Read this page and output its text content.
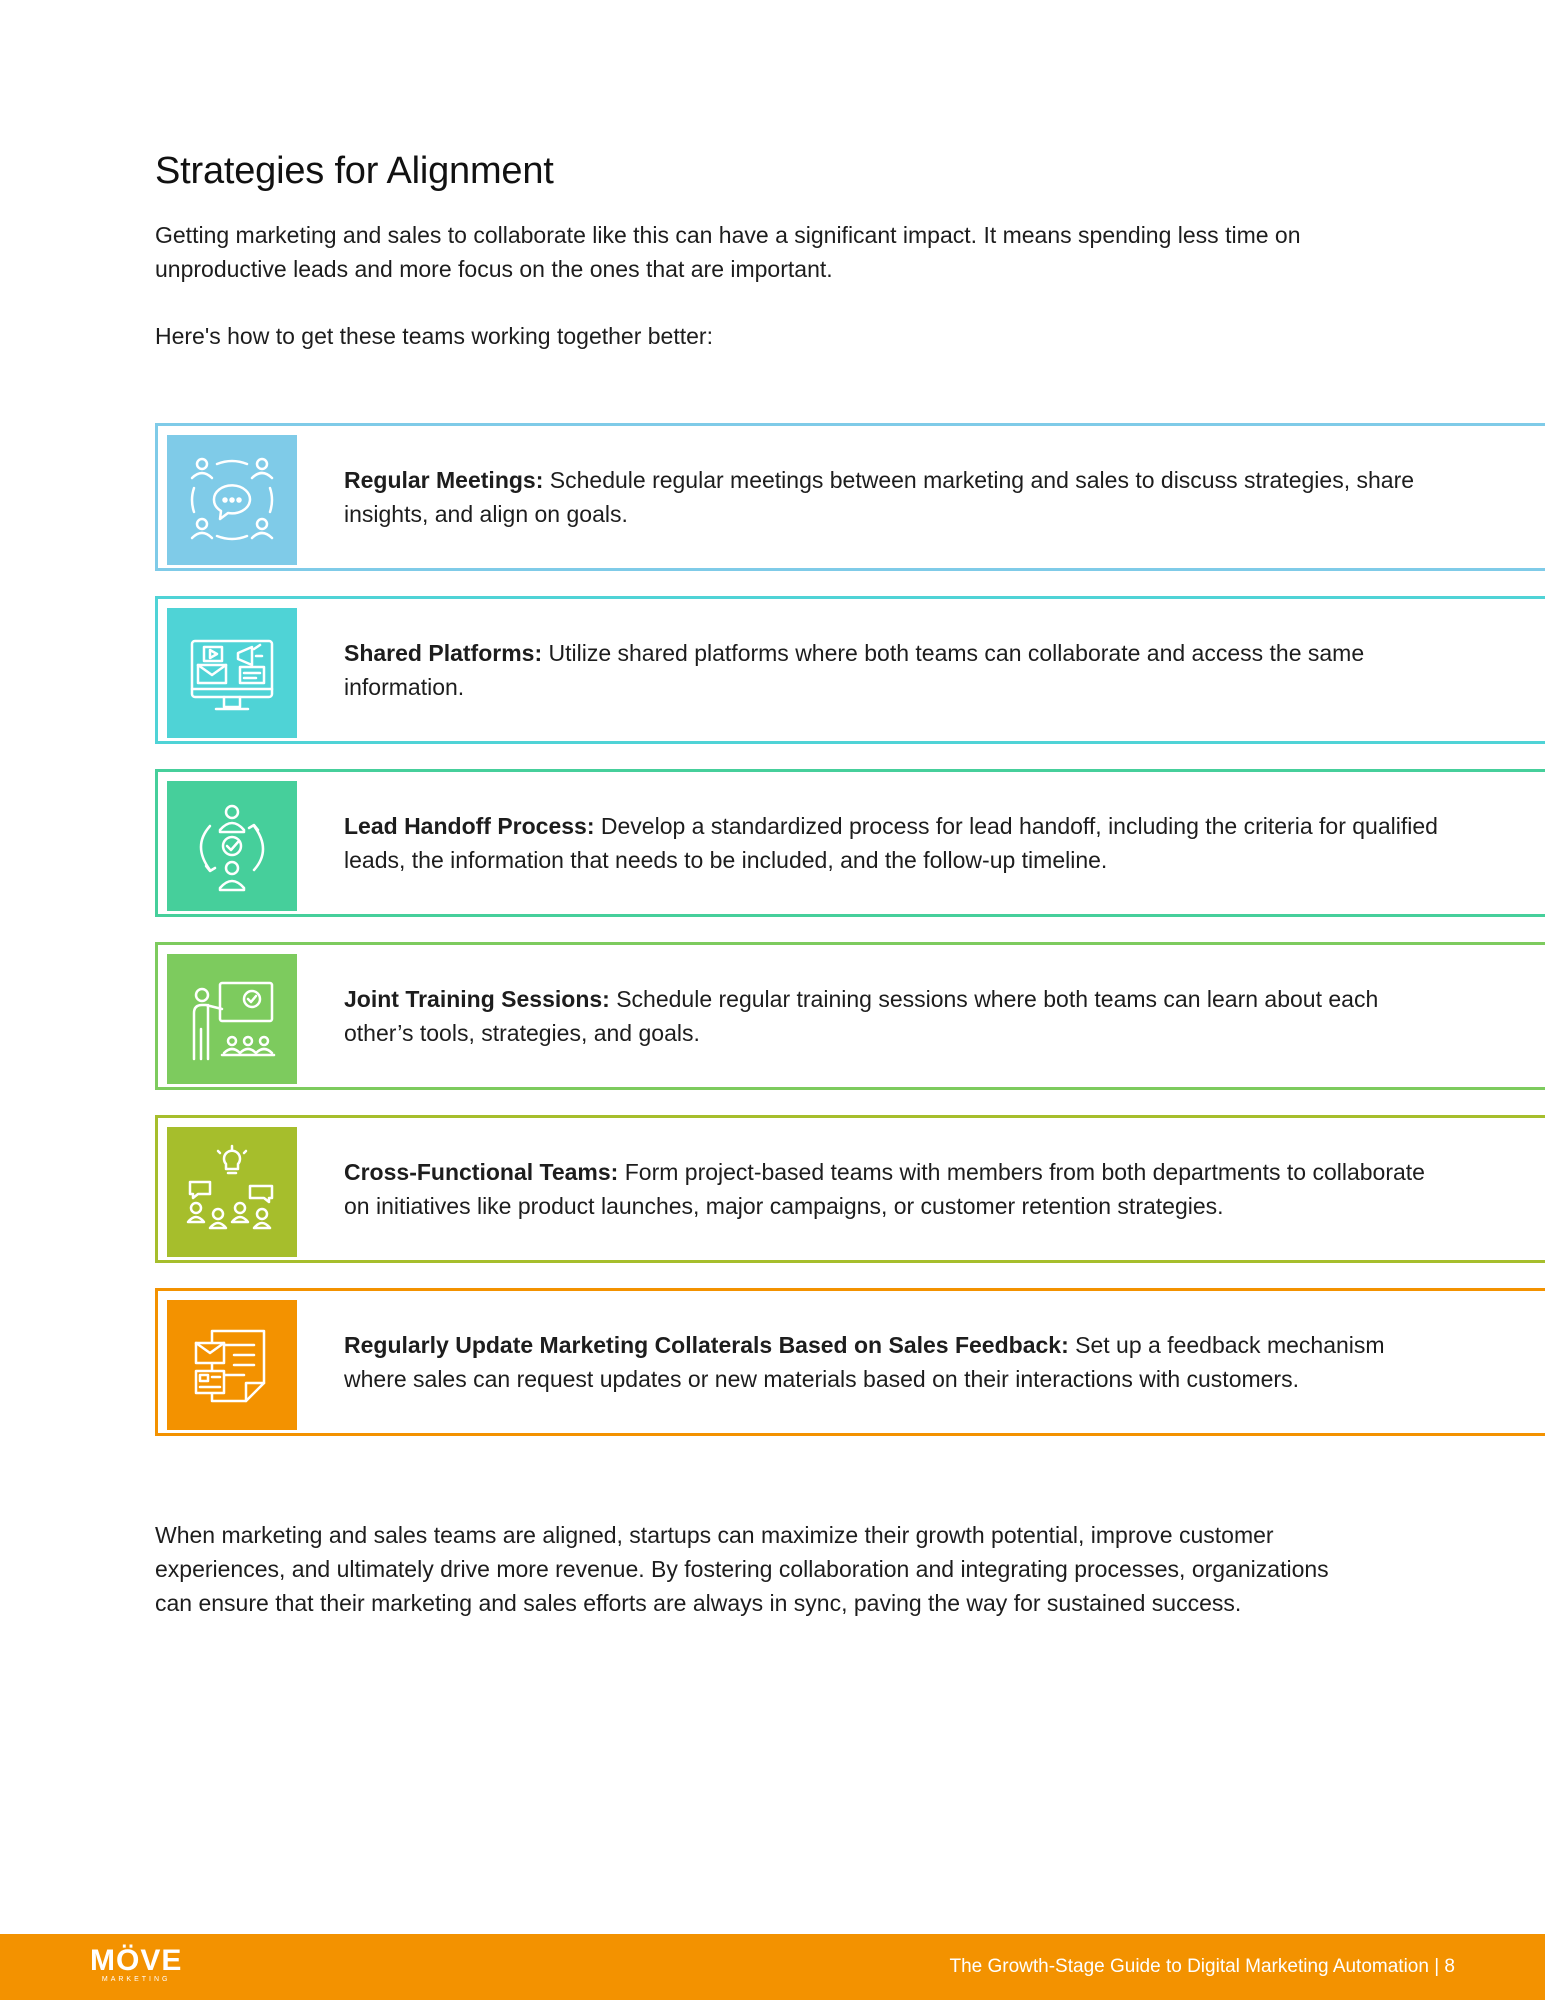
Strategies for Alignment

Getting marketing and sales to collaborate like this can have a significant impact. It means spending less time on unproductive leads and more focus on the ones that are important.

Here's how to get these teams working together better:

Regular Meetings: Schedule regular meetings between marketing and sales to discuss strategies, share insights, and align on goals.

Shared Platforms: Utilize shared platforms where both teams can collaborate and access the same information.

Lead Handoff Process: Develop a standardized process for lead handoff, including the criteria for qualified leads, the information that needs to be included, and the follow-up timeline.

Joint Training Sessions: Schedule regular training sessions where both teams can learn about each other’s tools, strategies, and goals.

Cross-Functional Teams: Form project-based teams with members from both departments to collaborate on initiatives like product launches, major campaigns, or customer retention strategies.

Regularly Update Marketing Collaterals Based on Sales Feedback: Set up a feedback mechanism where sales can request updates or new materials based on their interactions with customers.

When marketing and sales teams are aligned, startups can maximize their growth potential, improve customer experiences, and ultimately drive more revenue. By fostering collaboration and integrating processes, organizations can ensure that their marketing and sales efforts are always in sync, paving the way for sustained success.

MÖVE
MARKETING
The Growth-Stage Guide to Digital Marketing Automation | 8
